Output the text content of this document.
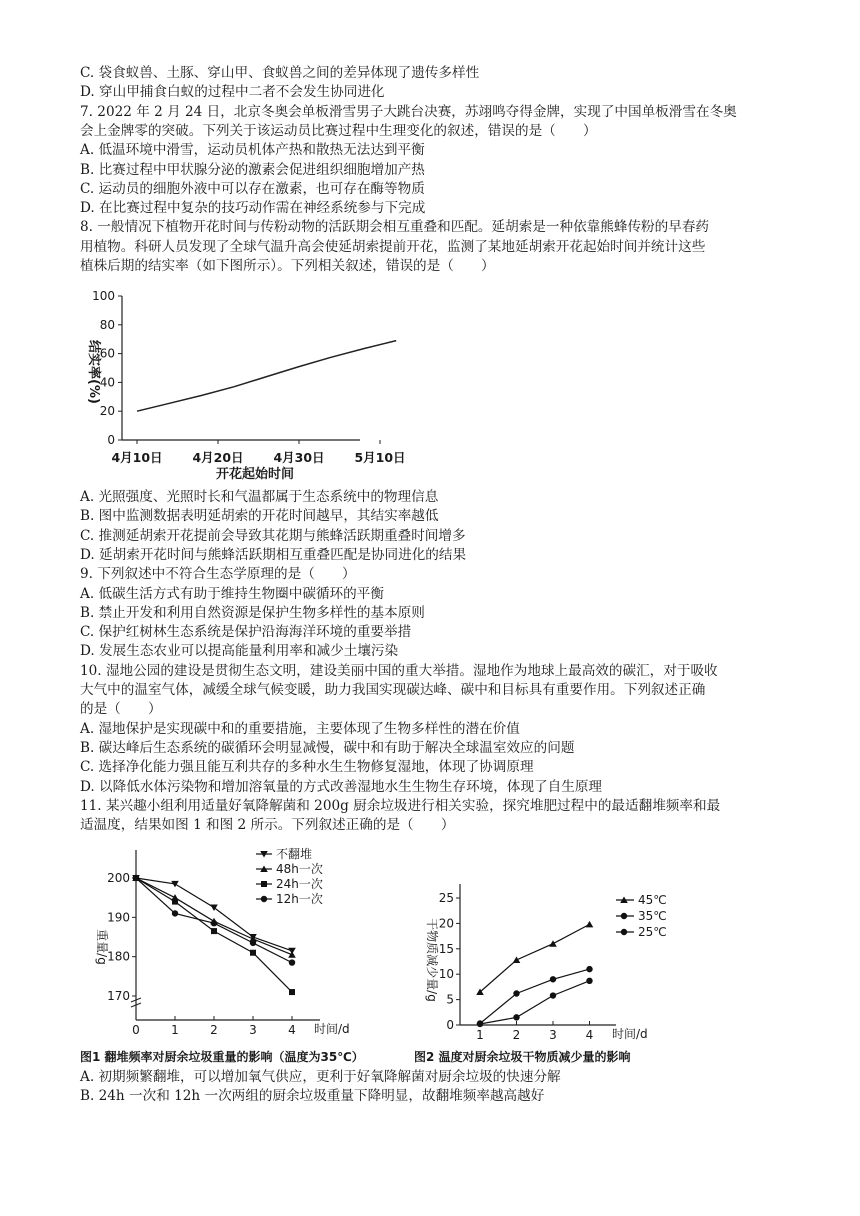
C. 袋食蚁兽、土豚、穿山甲、食蚁兽之间的差异体现了遗传多样性
D. 穿山甲捕食白蚁的过程中二者不会发生协同进化
7. 2022 年 2 月 24 日，北京冬奥会单板滑雪男子大跳台决赛，苏翊鸣夺得金牌，实现了中国单板滑雪在冬奥
会上金牌零的突破。下列关于该运动员比赛过程中生理变化的叙述，错误的是（　　）
A. 低温环境中滑雪，运动员机体产热和散热无法达到平衡
B. 比赛过程中甲状腺分泌的激素会促进组织细胞增加产热
C. 运动员的细胞外液中可以存在激素，也可存在酶等物质
D. 在比赛过程中复杂的技巧动作需在神经系统参与下完成
8. 一般情况下植物开花时间与传粉动物的活跃期会相互重叠和匹配。延胡索是一种依靠熊蜂传粉的早春药
用植物。科研人员发现了全球气温升高会使延胡索提前开花，监测了某地延胡索开花起始时间并统计这些
植株后期的结实率（如下图所示）。下列相关叙述，错误的是（　　）
0
20
40
60
80
100
4月10日 4月20日 4月30日 5月10日
结实率(%)
开花起始时间
A. 光照强度、光照时长和气温都属于生态系统中的物理信息
B. 图中监测数据表明延胡索的开花时间越早，其结实率越低
C. 推测延胡索开花提前会导致其花期与熊蜂活跃期重叠时间增多
D. 延胡索开花时间与熊蜂活跃期相互重叠匹配是协同进化的结果
9. 下列叙述中不符合生态学原理的是（　　）
A. 低碳生活方式有助于维持生物圈中碳循环的平衡
B. 禁止开发和利用自然资源是保护生物多样性的基本原则
C. 保护红树林生态系统是保护沿海海洋环境的重要举措
D. 发展生态农业可以提高能量利用率和减少土壤污染
10. 湿地公园的建设是贯彻生态文明，建设美丽中国的重大举措。湿地作为地球上最高效的碳汇，对于吸收
大气中的温室气体，减缓全球气候变暖，助力我国实现碳达峰、碳中和目标具有重要作用。下列叙述正确
的是（　　）
A. 湿地保护是实现碳中和的重要措施，主要体现了生物多样性的潜在价值
B. 碳达峰后生态系统的碳循环会明显减慢，碳中和有助于解决全球温室效应的问题
C. 选择净化能力强且能互利共存的多种水生生物修复湿地，体现了协调原理
D. 以降低水体污染物和增加溶氧量的方式改善湿地水生生物生存环境，体现了自生原理
11. 某兴趣小组利用适量好氧降解菌和 200g 厨余垃圾进行相关实验，探究堆肥过程中的最适翻堆频率和最
适温度，结果如图 1 和图 2 所示。下列叙述正确的是（　　）
170
180
190
200
0	1	2	3	4
不翻堆
48h一次
24h一次
12h一次
重量/g
时间/d	0
5
10
15
20
25
1 2 3 4
45℃
35℃
25℃
干物质减少量/g
时间/d
图1 翻堆频率对厨余垃圾重量的影响（温度为35℃）	图2 温度对厨余垃圾干物质减少量的影响
A. 初期频繁翻堆，可以增加氧气供应，更利于好氧降解菌对厨余垃圾的快速分解
B. 24h 一次和 12h 一次两组的厨余垃圾重量下降明显，故翻堆频率越高越好
